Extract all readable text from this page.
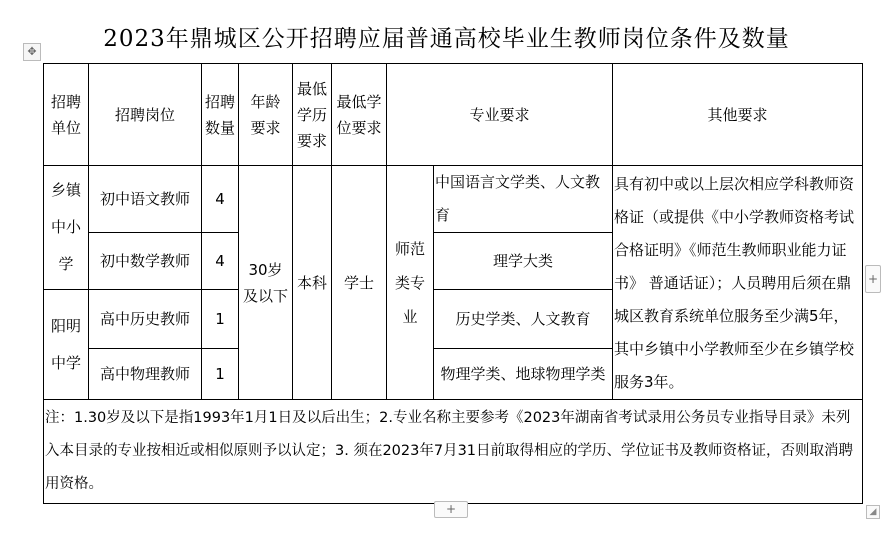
2023年鼎城区公开招聘应届普通高校毕业生教师岗位条件及数量
✥
招聘单位	招聘岗位	招聘数量	年龄要求	最低学历要求	最低学位要求	专业要求		其他要求
乡镇中小学	初中语文教师	4	30岁及以下	本科	学士	师范类专业	中国语言文学类、人文教育	具有初中或以上层次相应学科教师资格证（或提供《中小学教师资格考试合格证明》《师范生教师职业能力证书》 普通话证）；人员聘用后须在鼎城区教育系统单位服务至少满5年，其中乡镇中小学教师至少在乡镇学校服务3年。
	初中数学教师	4					理学大类	
阳明中学	高中历史教师	1					历史学类、人文教育	
	高中物理教师	1					物理学类、地球物理学类	
注：1.30岁及以下是指1993年1月1日及以后出生；2.专业名称主要参考《2023年湖南省考试录用公务员专业指导目录》未列入本目录的专业按相近或相似原则予以认定；3. 须在2023年7月31日前取得相应的学历、学位证书及教师资格证，否则取消聘用资格。								
+
+	◢
